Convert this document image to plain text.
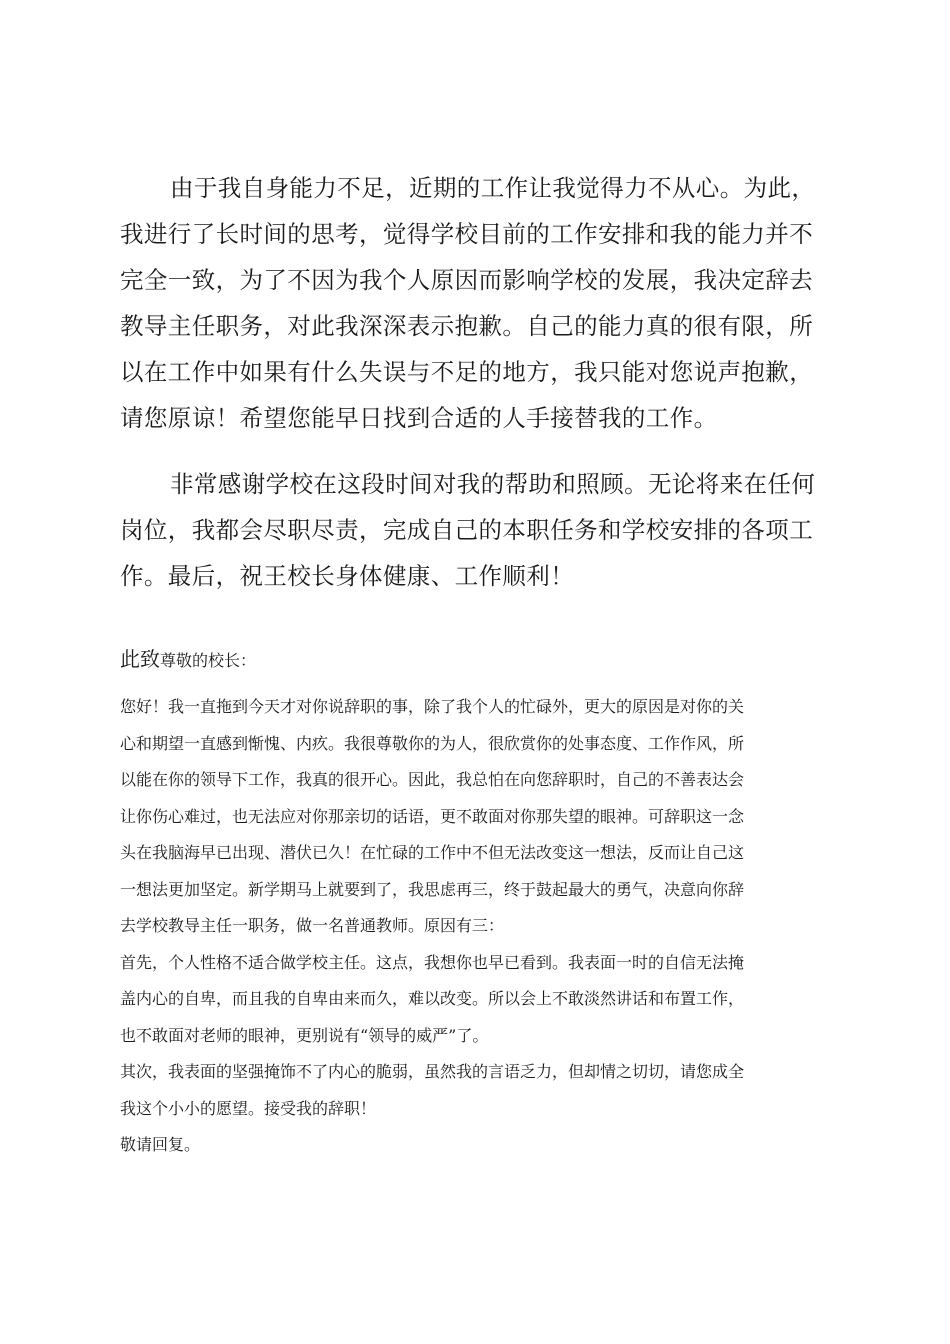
由于我自身能力不足，近期的工作让我觉得力不从心。为此，
我进行了长时间的思考，觉得学校目前的工作安排和我的能力并不
完全一致，为了不因为我个人原因而影响学校的发展，我决定辞去
教导主任职务，对此我深深表示抱歉。自己的能力真的很有限，所
以在工作中如果有什么失误与不足的地方，我只能对您说声抱歉，
请您原谅！希望您能早日找到合适的人手接替我的工作。
非常感谢学校在这段时间对我的帮助和照顾。无论将来在任何
岗位，我都会尽职尽责，完成自己的本职任务和学校安排的各项工
作。最后，祝王校长身体健康、工作顺利！
此致尊敬的校长：
您好！我一直拖到今天才对你说辞职的事，除了我个人的忙碌外，更大的原因是对你的关
心和期望一直感到惭愧、内疚。我很尊敬你的为人，很欣赏你的处事态度、工作作风，所
以能在你的领导下工作，我真的很开心。因此，我总怕在向您辞职时，自己的不善表达会
让你伤心难过，也无法应对你那亲切的话语，更不敢面对你那失望的眼神。可辞职这一念
头在我脑海早已出现、潜伏已久！在忙碌的工作中不但无法改变这一想法，反而让自己这
一想法更加坚定。新学期马上就要到了，我思虑再三，终于鼓起最大的勇气，决意向你辞
去学校教导主任一职务，做一名普通教师。原因有三：
首先，个人性格不适合做学校主任。这点，我想你也早已看到。我表面一时的自信无法掩
盖内心的自卑，而且我的自卑由来而久，难以改变。所以会上不敢淡然讲话和布置工作，
也不敢面对老师的眼神，更别说有“领导的威严”了。
其次，我表面的坚强掩饰不了内心的脆弱，虽然我的言语乏力，但却情之切切，请您成全
我这个小小的愿望。接受我的辞职！
敬请回复。
